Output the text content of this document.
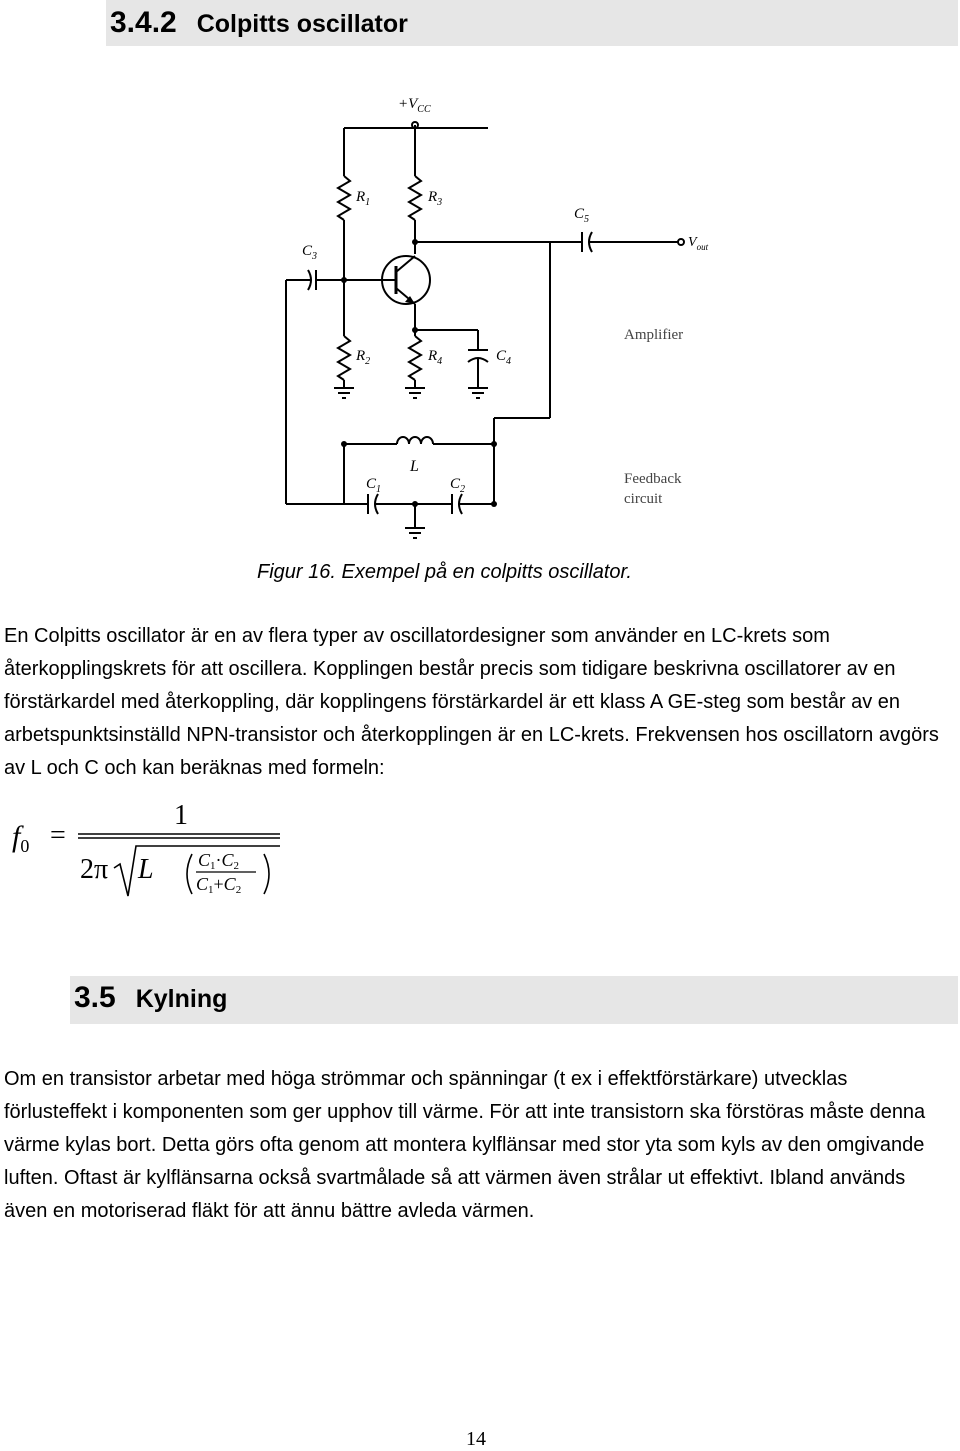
3.4.2 Colpitts oscillator
$+V_{CC}$
$R_1$	$R_3$
$R_2$	$R_4$	$C_4$
$C_3$
$C_5$
$V_{out}$
L
$C_1$	$C_2$
Amplifier
Feedback
circuit
Figur 16. Exempel på en colpitts oscillator.

En Colpitts oscillator är en av flera typer av oscillatordesigner som använder en LC-krets som återkopplingskrets för att oscillera. Kopplingen består precis som tidigare beskrivna oscillatorer av en förstärkardel med återkoppling, där kopplingens förstärkardel är ett klass A GE-steg som består av en arbetspunktsinställd NPN-transistor och återkopplingen är en LC-krets. Frekvensen hos oscillatorn avgörs av L och C och kan beräknas med formeln:

$f_0$ =
1
2π L C1·C2
C1+C2
3.5 Kylning

Om en transistor arbetar med höga strömmar och spänningar (t ex i effektförstärkare) utvecklas förlusteffekt i komponenten som ger upphov till värme. För att inte transistorn ska förstöras måste denna värme kylas bort. Detta görs ofta genom att montera kylflänsar med stor yta som kyls av den omgivande luften. Oftast är kylflänsarna också svartmålade så att värmen även strålar ut effektivt. Ibland används även en motoriserad fläkt för att ännu bättre avleda värmen.

14
